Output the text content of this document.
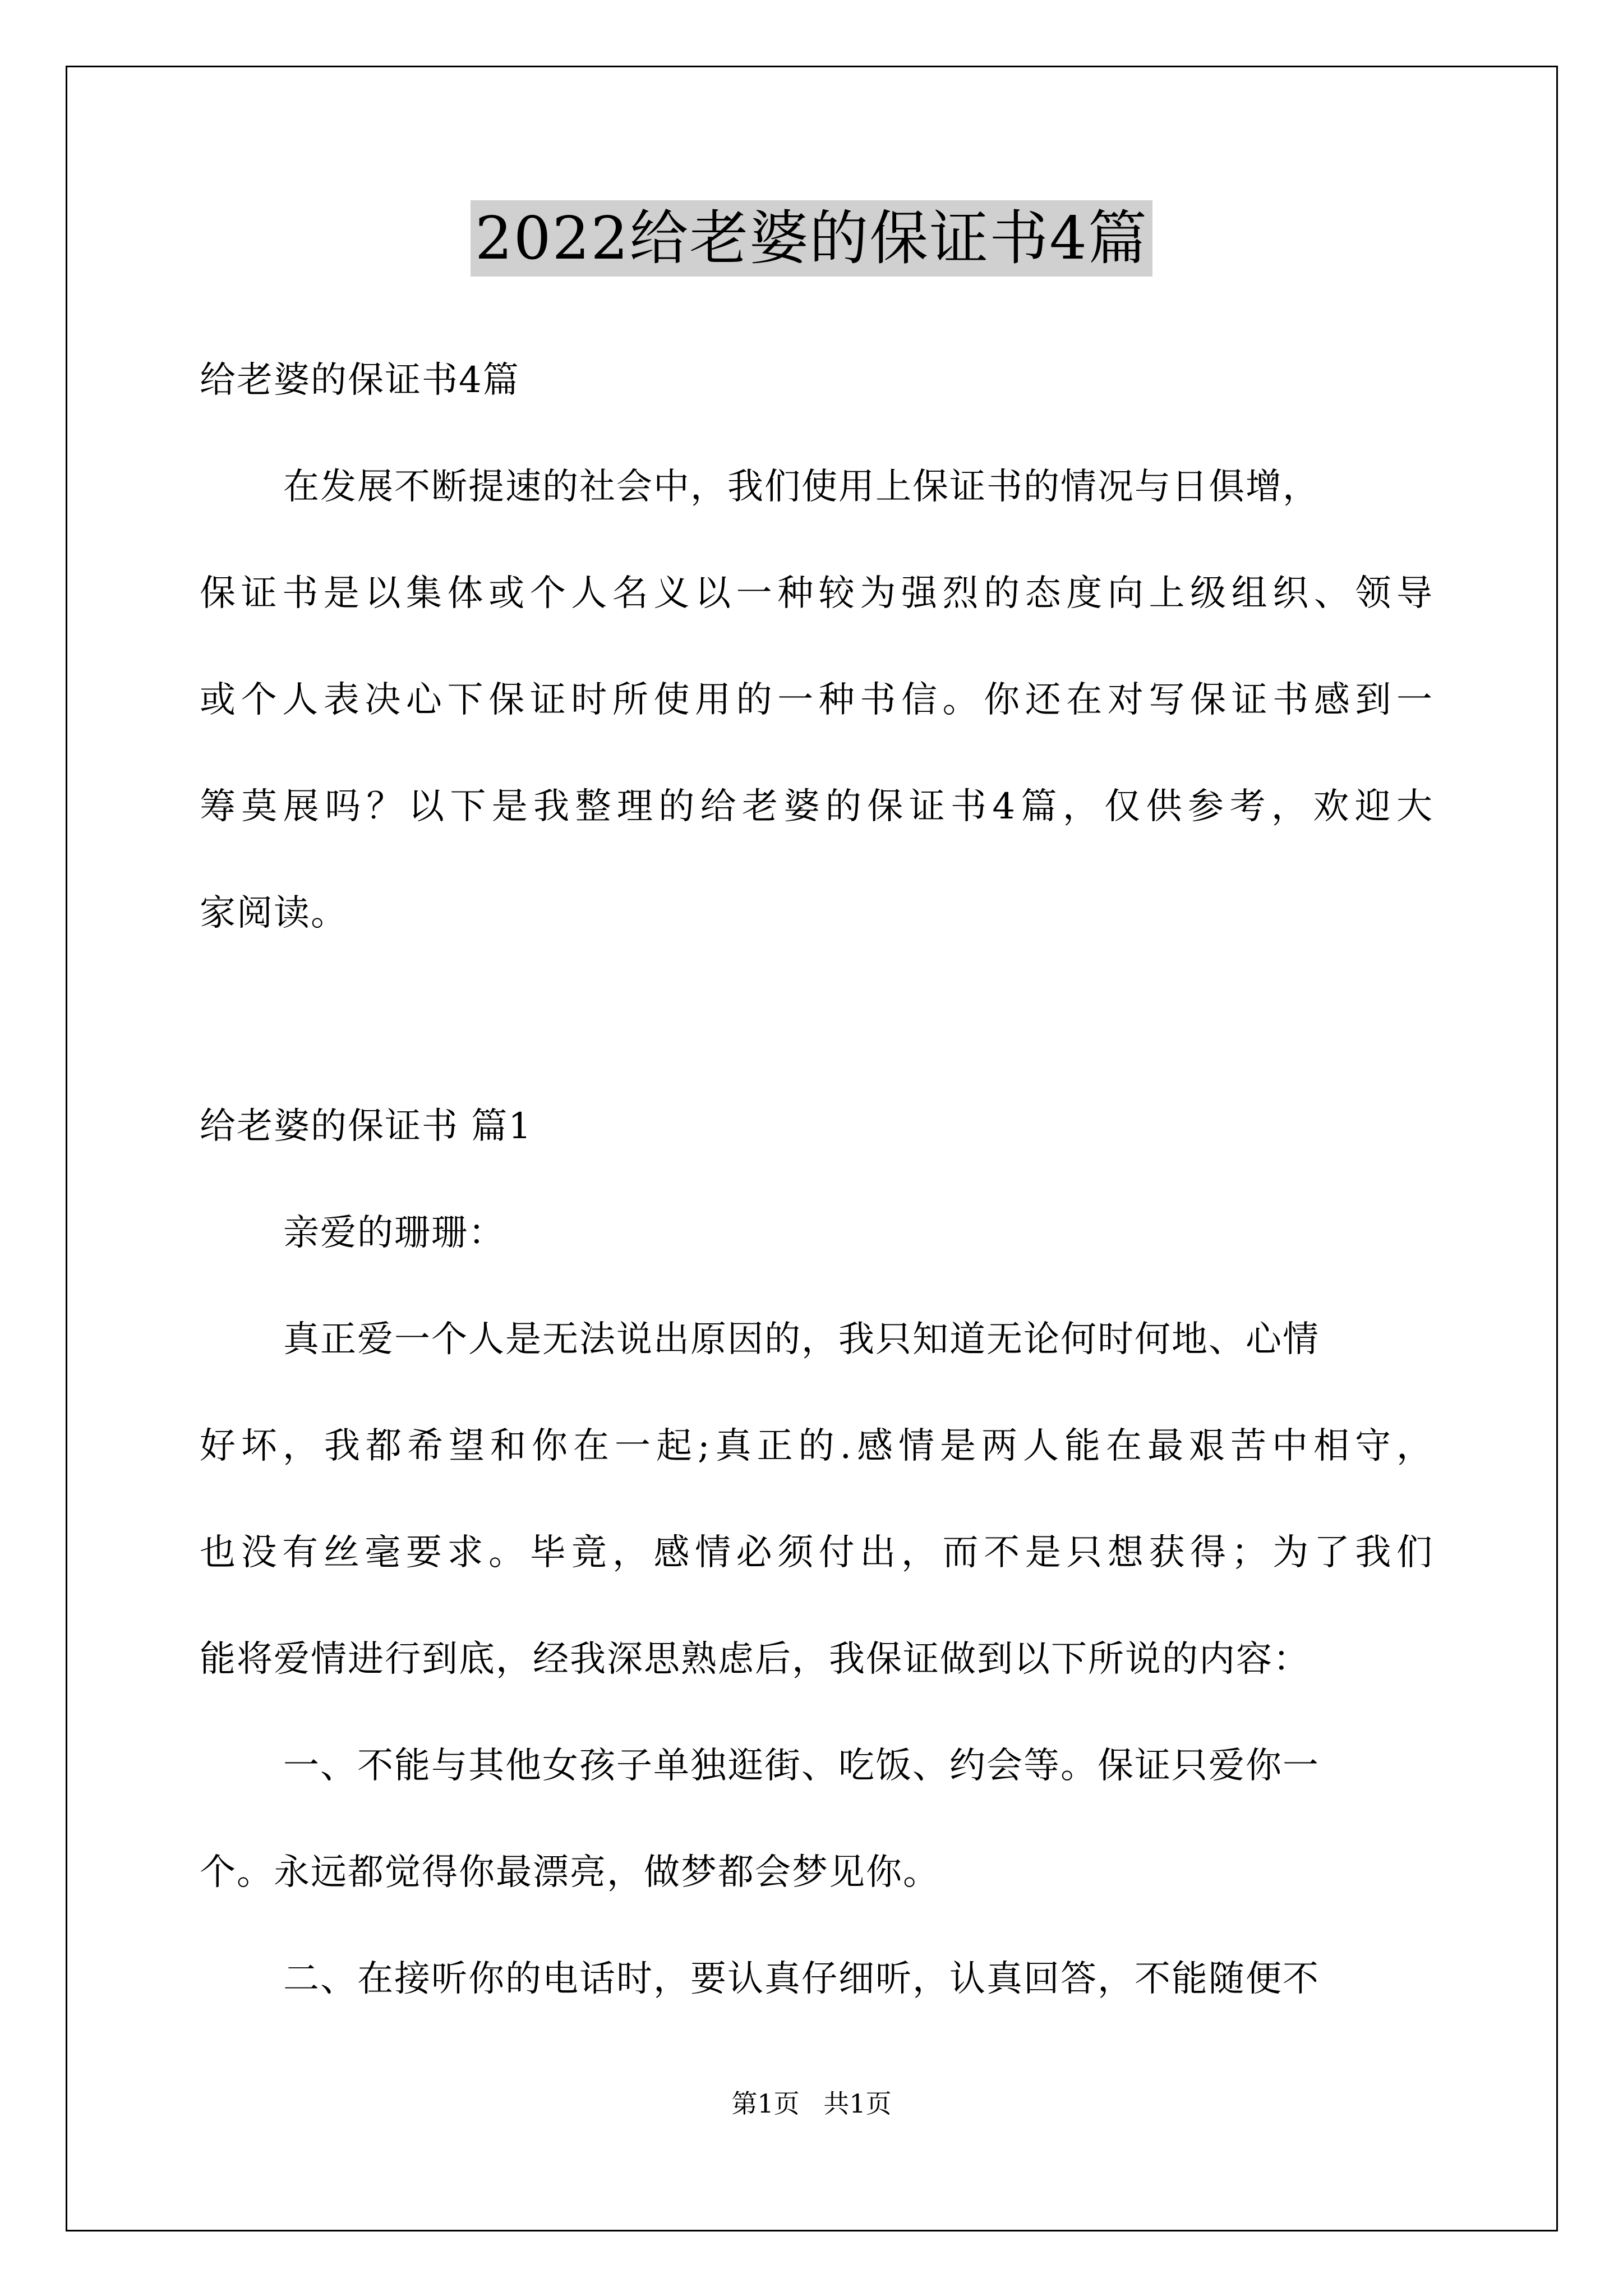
2022给老婆的保证书4篇
给老婆的保证书4篇
在发展不断提速的社会中，我们使用上保证书的情况与日俱增，
保证书是以集体或个人名义以一种较为强烈的态度向上级组织、领导
或个人表决心下保证时所使用的一种书信。你还在对写保证书感到一
筹莫展吗？以下是我整理的给老婆的保证书4篇，仅供参考，欢迎大
家阅读。
给老婆的保证书 篇1
亲爱的珊珊：
真正爱一个人是无法说出原因的，我只知道无论何时何地、心情
好坏，我都希望和你在一起;真正的.感情是两人能在最艰苦中相守，
也没有丝毫要求。毕竟，感情必须付出，而不是只想获得；为了我们
能将爱情进行到底，经我深思熟虑后，我保证做到以下所说的内容：
一、不能与其他女孩子单独逛街、吃饭、约会等。保证只爱你一
个。永远都觉得你最漂亮，做梦都会梦见你。
二、在接听你的电话时，要认真仔细听，认真回答，不能随便不
第1页 共1页
